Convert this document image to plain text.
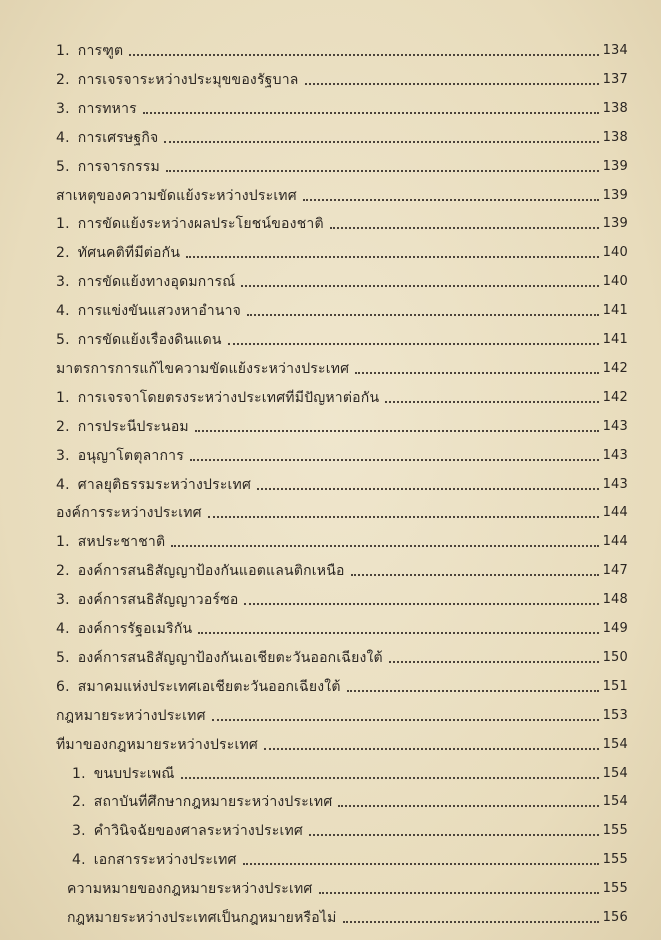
1. การฑูต	134
2. การเจรจาระหว่างประมุขของรัฐบาล	137
3. การทหาร	138
4. การเศรษฐกิจ	138
5. การจารกรรม	139
สาเหตุของความขัดแย้งระหว่างประเทศ	139
1. การขัดแย้งระหว่างผลประโยชน์ของชาติ	139
2. ทัศนคติที่มีต่อกัน	140
3. การขัดแย้งทางอุดมการณ์	140
4. การแข่งขันแสวงหาอำนาจ	141
5. การขัดแย้งเรื่องดินแดน	141
มาตรการการแก้ไขความขัดแย้งระหว่างประเทศ	142
1. การเจรจาโดยตรงระหว่างประเทศที่มีปัญหาต่อกัน	142
2. การประนีประนอม	143
3. อนุญาโตตุลาการ	143
4. ศาลยุติธรรมระหว่างประเทศ	143
องค์การระหว่างประเทศ	144
1. สหประชาชาติ	144
2. องค์การสนธิสัญญาป้องกันแอตแลนติกเหนือ	147
3. องค์การสนธิสัญญาวอร์ซอ	148
4. องค์การรัฐอเมริกัน	149
5. องค์การสนธิสัญญาป้องกันเอเชียตะวันออกเฉียงใต้	150
6. สมาคมแห่งประเทศเอเชียตะวันออกเฉียงใต้	151
กฎหมายระหว่างประเทศ	153
ที่มาของกฎหมายระหว่างประเทศ	154
1. ขนบประเพณี	154
2. สถาบันที่ศึกษากฎหมายระหว่างประเทศ	154
3. คำวินิจฉัยของศาลระหว่างประเทศ	155
4. เอกสารระหว่างประเทศ	155
ความหมายของกฎหมายระหว่างประเทศ	155
กฎหมายระหว่างประเทศเป็นกฎหมายหรือไม่	156
